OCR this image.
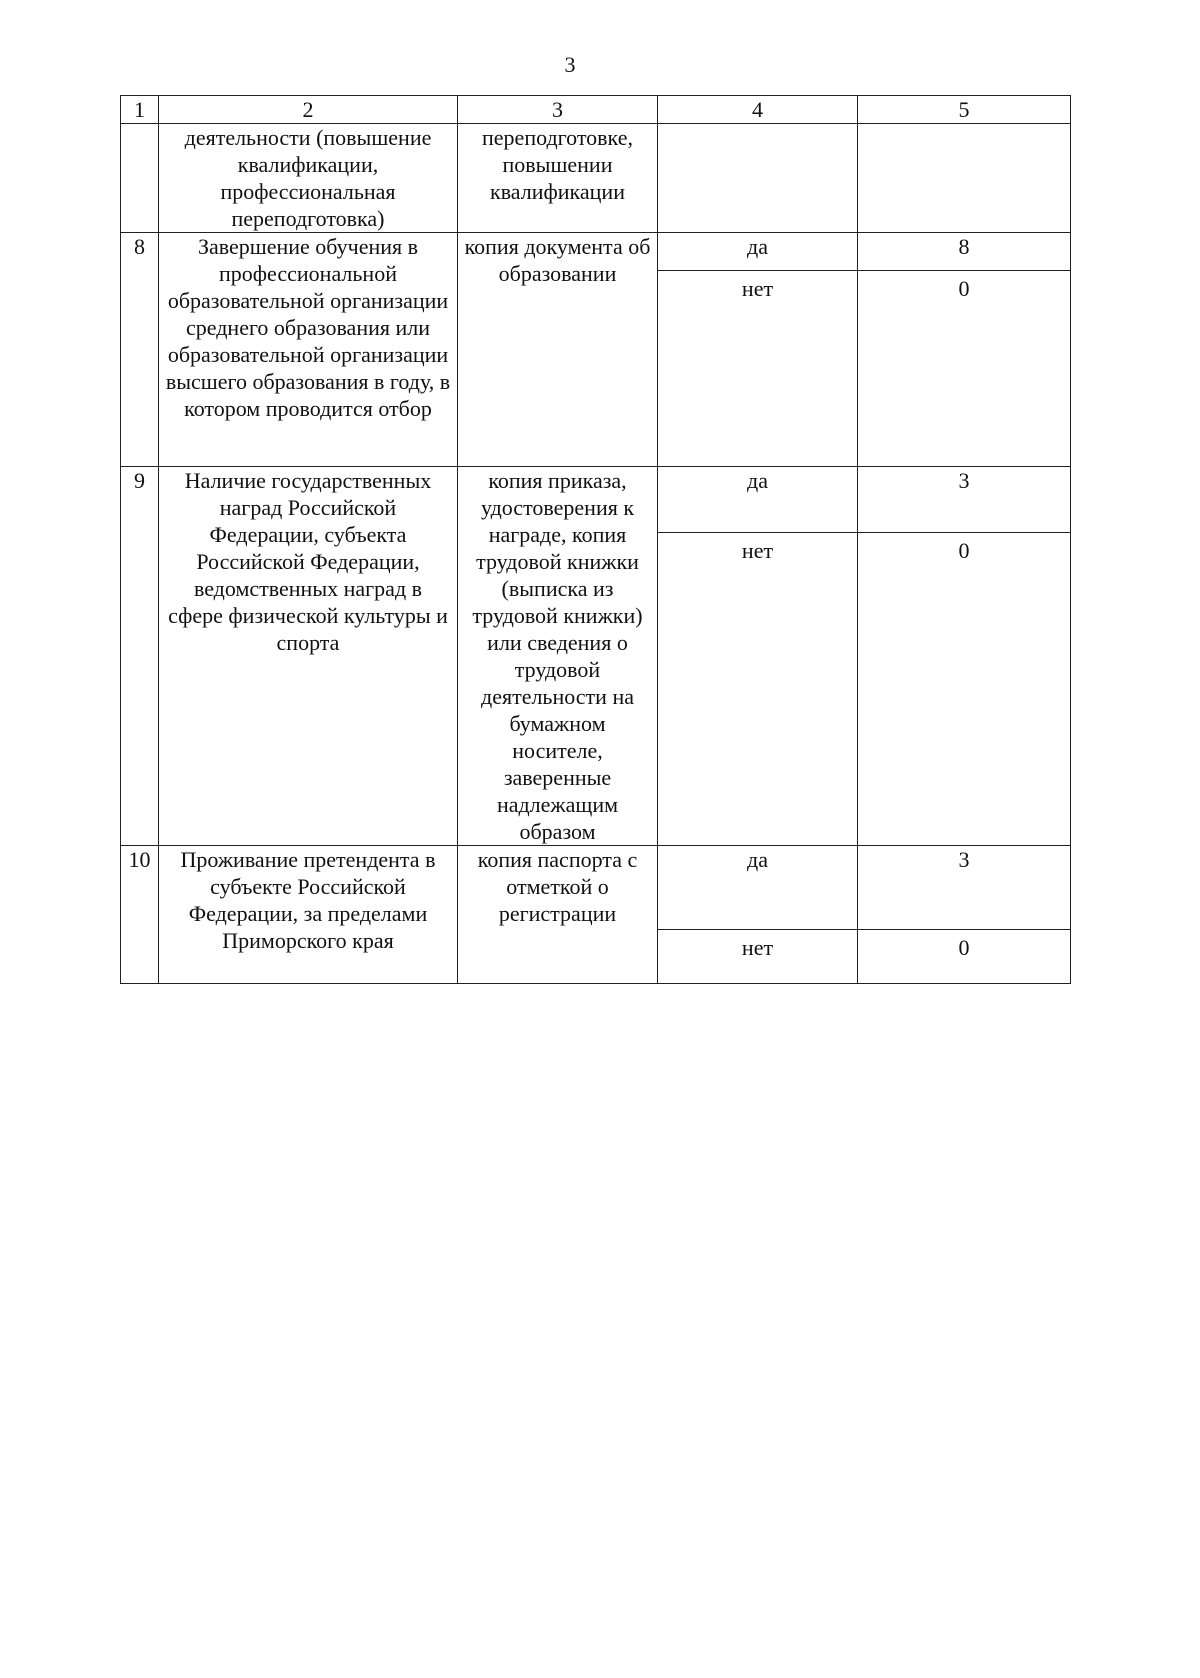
3
1	2	3	4	5
	деятельности (повышение квалификации, профессиональная переподготовка)	переподготовке, повышении квалификации		
8	Завершение обучения в профессиональной образовательной организации среднего образования или образовательной организации высшего образования в году, в котором проводится отбор	копия документа об образовании	да	8
			нет	0
9	Наличие государственных наград Российской Федерации, субъекта Российской Федерации, ведомственных наград в сфере физической культуры и спорта	копия приказа, удостоверения к награде, копия трудовой книжки (выписка из трудовой книжки) или сведения о трудовой деятельности на бумажном носителе, заверенные надлежащим образом	да	3
			нет	0
10	Проживание претендента в субъекте Российской Федерации, за пределами Приморского края	копия паспорта с отметкой о регистрации	да	3
			нет	0
